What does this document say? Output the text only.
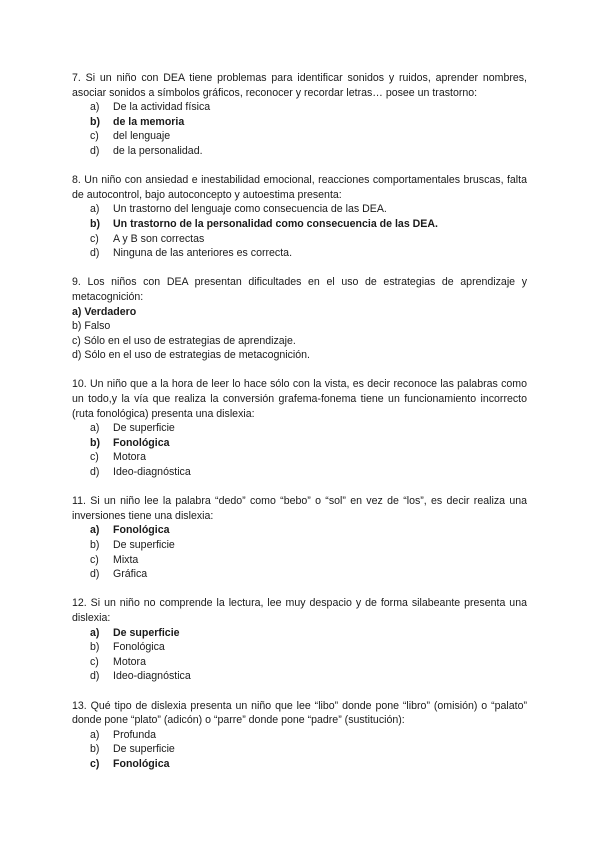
7. Si un niño con DEA tiene problemas para identificar sonidos y ruidos, aprender nombres, asociar sonidos a símbolos gráficos, reconocer y recordar letras… posee un trastorno:
a)	De la actividad física
b)	de la memoria
c)	del lenguaje
d)	de la personalidad.
8. Un niño con ansiedad e inestabilidad emocional, reacciones comportamentales bruscas, falta de autocontrol, bajo autoconcepto y autoestima presenta:
a)	Un trastorno del lenguaje como consecuencia de las DEA.
b)	Un trastorno de la personalidad como consecuencia de las DEA.
c)	A y B son correctas
d)	Ninguna de las anteriores es correcta.
9. Los niños con DEA presentan dificultades en el uso de estrategias de aprendizaje y metacognición:
a) Verdadero
b) Falso
c) Sólo en el uso de estrategias de aprendizaje.
d) Sólo en el uso de estrategias de metacognición.
10. Un niño que a la hora de leer lo hace sólo con la vista, es decir reconoce las palabras como un todo,y la vía que realiza la conversión grafema-fonema tiene un funcionamiento incorrecto (ruta fonológica) presenta una dislexia:
a)	De superficie
b)	Fonológica
c)	Motora
d)	Ideo-diagnóstica
11. Si un niño lee la palabra “dedo” como “bebo” o “sol” en vez de “los”, es decir realiza una inversiones tiene una dislexia:
a)	Fonológica
b)	De superficie
c)	Mixta
d)	Gráfica
12. Si un niño no comprende la lectura, lee muy despacio y de forma silabeante presenta una dislexia:
a)	De superficie
b)	Fonológica
c)	Motora
d)	Ideo-diagnóstica
13. Qué tipo de dislexia presenta un niño que lee “libo” donde pone “libro” (omisión) o “palato” donde pone “plato” (adicón) o “parre” donde pone “padre” (sustitución):
a)	Profunda
b)	De superficie
c)	Fonológica
